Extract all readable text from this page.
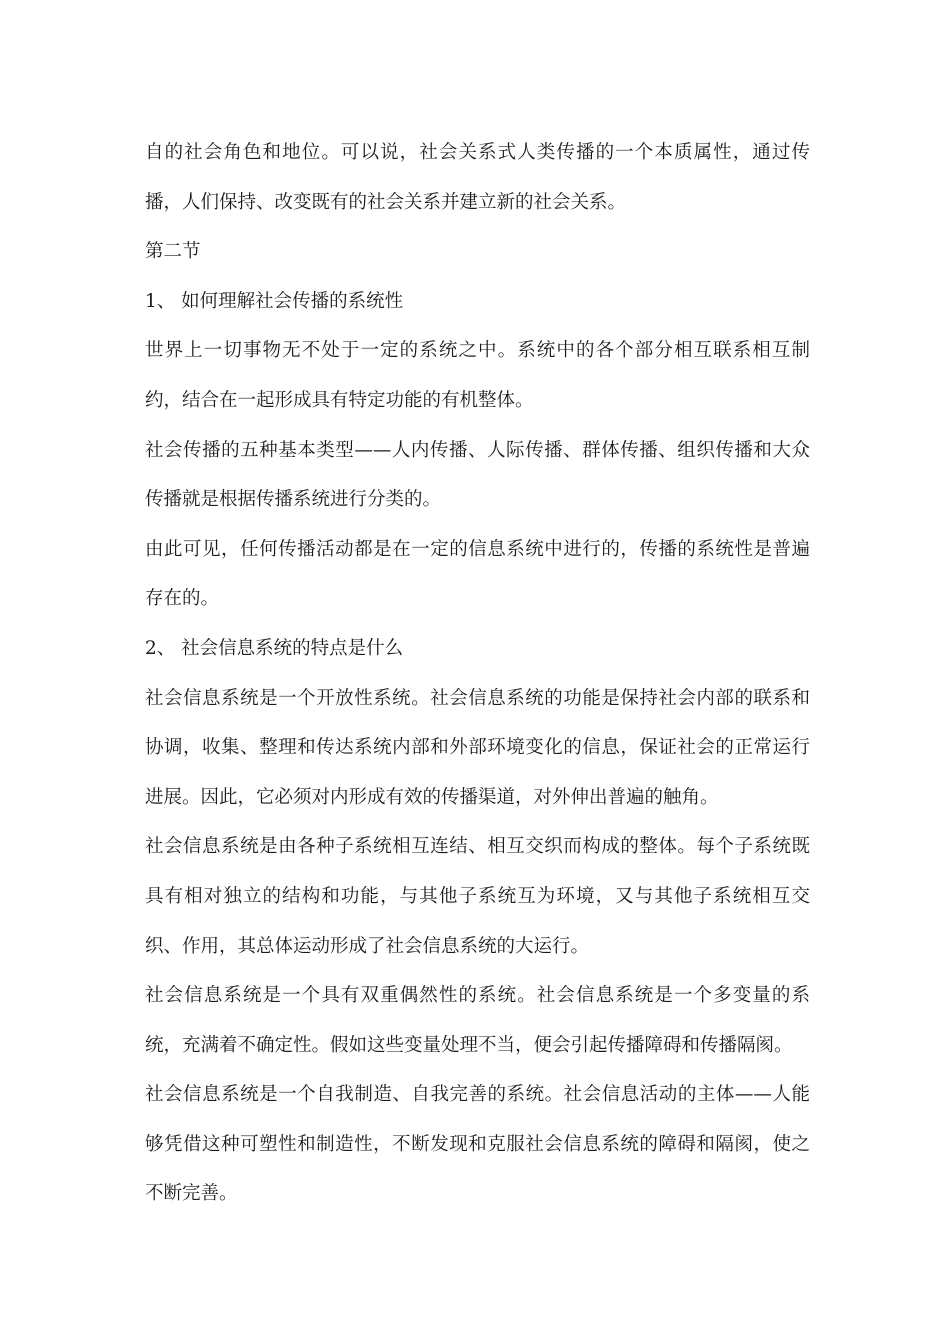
自的社会角色和地位。可以说，社会关系式人类传播的一个本质属性，通过传播，人们保持、改变既有的社会关系并建立新的社会关系。

第二节

1、 如何理解社会传播的系统性

世界上一切事物无不处于一定的系统之中。系统中的各个部分相互联系相互制约，结合在一起形成具有特定功能的有机整体。

社会传播的五种基本类型——人内传播、人际传播、群体传播、组织传播和大众传播就是根据传播系统进行分类的。

由此可见，任何传播活动都是在一定的信息系统中进行的，传播的系统性是普遍存在的。

2、 社会信息系统的特点是什么

社会信息系统是一个开放性系统。社会信息系统的功能是保持社会内部的联系和协调，收集、整理和传达系统内部和外部环境变化的信息，保证社会的正常运行进展。因此，它必须对内形成有效的传播渠道，对外伸出普遍的触角。

社会信息系统是由各种子系统相互连结、相互交织而构成的整体。每个子系统既具有相对独立的结构和功能，与其他子系统互为环境，又与其他子系统相互交织、作用，其总体运动形成了社会信息系统的大运行。

社会信息系统是一个具有双重偶然性的系统。社会信息系统是一个多变量的系统，充满着不确定性。假如这些变量处理不当，便会引起传播障碍和传播隔阂。

社会信息系统是一个自我制造、自我完善的系统。社会信息活动的主体——人能够凭借这种可塑性和制造性，不断发现和克服社会信息系统的障碍和隔阂，使之不断完善。
